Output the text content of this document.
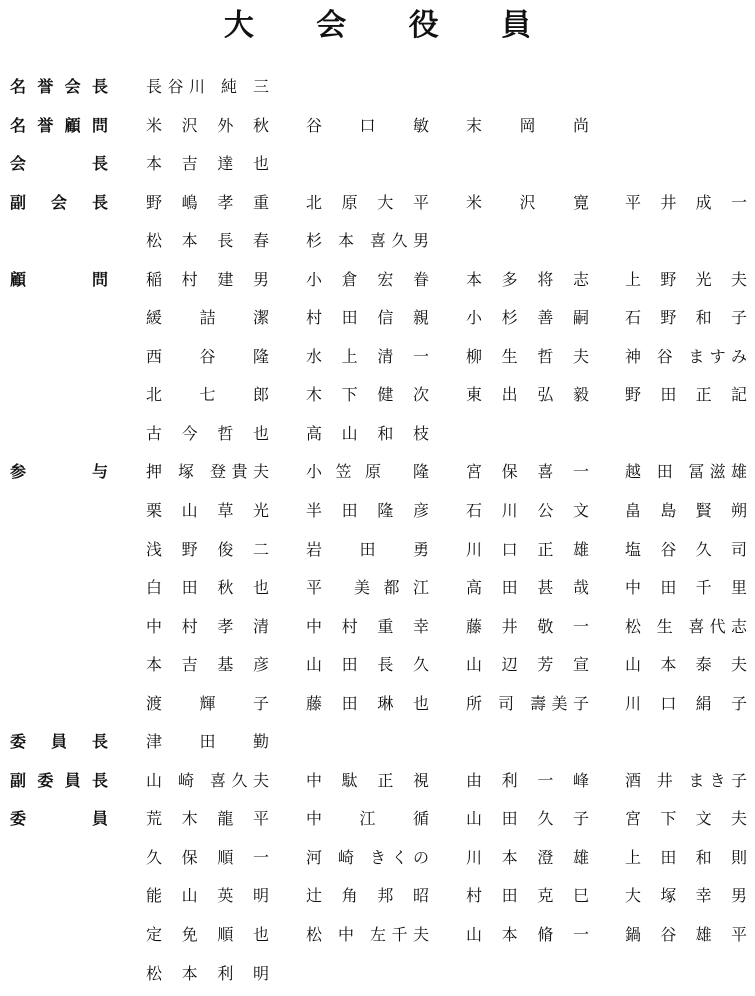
大 会 役 員
名誉会長 長谷川 純 三
名誉顧問 米 沢 外 秋 谷 口 敏 末 岡 尚
会 長 本 吉 達 也
副 会 長 野 嶋 孝 重 北 原 大 平 米 沢 寛 平 井 成 一
松 本 長 春 杉 本 喜久男
顧 問 稲 村 建 男 小 倉 宏 眷 本 多 将 志 上 野 光 夫
緩 詰 潔 村 田 信 親 小 杉 善 嗣 石 野 和 子
西 谷 隆 水 上 清 一 柳 生 哲 夫 神 谷 ますみ
北 七 郎 木 下 健 次 東 出 弘 毅 野 田 正 記
古 今 哲 也 高 山 和 枝
参 与 押 塚 登貴夫 小笠原 隆 宮 保 喜 一 越 田 冨滋雄
栗 山 草 光 半 田 隆 彦 石 川 公 文 畠 島 賢 朔
浅 野 俊 二 岩 田 勇 川 口 正 雄 塩 谷 久 司
白 田 秋 也 平 美都江 高 田 甚 哉 中 田 千 里
中 村 孝 清 中 村 重 幸 藤 井 敬 一 松 生 喜代志
本 吉 基 彦 山 田 長 久 山 辺 芳 宣 山 本 泰 夫
渡 輝 子 藤 田 琳 也 所 司 壽美子 川 口 絹 子
委員長 津 田 勤
副委員長 山 崎 喜久夫 中 駄 正 視 由 利 一 峰 酒 井 まき子
委 員 荒 木 龍 平 中 江 循 山 田 久 子 宮 下 文 夫
久 保 順 一 河 崎 きくの 川 本 澄 雄 上 田 和 則
能 山 英 明 辻 角 邦 昭 村 田 克 巳 大 塚 幸 男
定 免 順 也 松 中 左千夫 山 本 脩 一 鍋 谷 雄 平
松 本 利 明
